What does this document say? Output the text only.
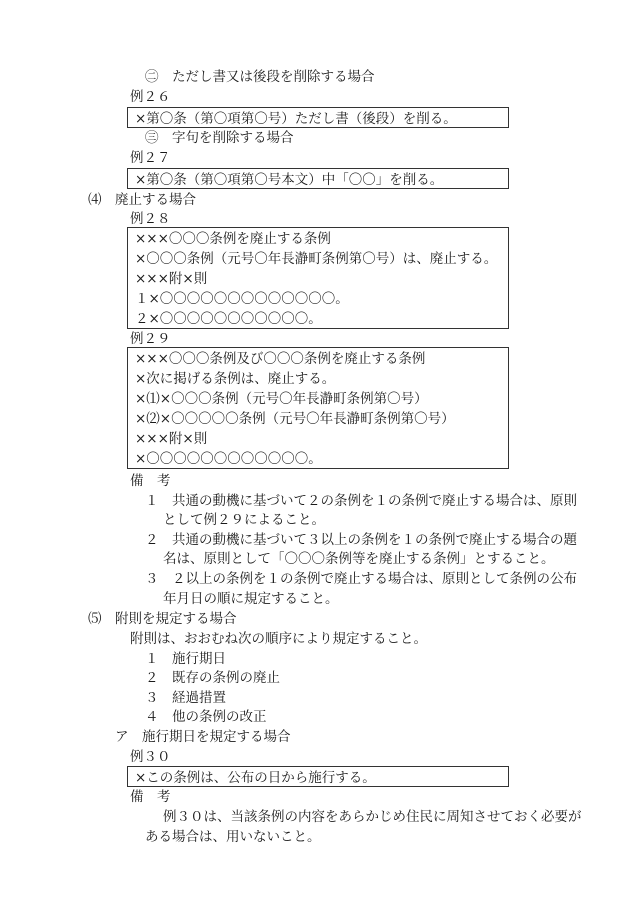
㊁　ただし書又は後段を削除する場合
例２６
×第〇条（第〇項第〇号）ただし書（後段）を削る。
㊂　字句を削除する場合
例２７
×第〇条（第〇項第〇号本文）中「〇〇」を削る。
⑷　廃止する場合
例２８
×××〇〇〇条例を廃止する条例
×〇〇〇条例（元号〇年長瀞町条例第〇号）は、廃止する。
×××附×則
１×〇〇〇〇〇〇〇〇〇〇〇〇〇。
２×〇〇〇〇〇〇〇〇〇〇〇。
例２９
×××〇〇〇条例及び〇〇〇条例を廃止する条例
×次に掲げる条例は、廃止する。
×⑴×〇〇〇条例（元号〇年長瀞町条例第〇号）
×⑵×〇〇〇〇〇条例（元号〇年長瀞町条例第〇号）
×××附×則
×〇〇〇〇〇〇〇〇〇〇〇〇。
備　考
１　共通の動機に基づいて２の条例を１の条例で廃止する場合は、原則
として例２９によること。
２　共通の動機に基づいて３以上の条例を１の条例で廃止する場合の題
名は、原則として「〇〇〇条例等を廃止する条例」とすること。
３　２以上の条例を１の条例で廃止する場合は、原則として条例の公布
年月日の順に規定すること。
⑸　附則を規定する場合
附則は、おおむね次の順序により規定すること。
１　施行期日
２　既存の条例の廃止
３　経過措置
４　他の条例の改正
ア　施行期日を規定する場合
例３０
×この条例は、公布の日から施行する。
備　考
例３０は、当該条例の内容をあらかじめ住民に周知させておく必要が
ある場合は、用いないこと。
